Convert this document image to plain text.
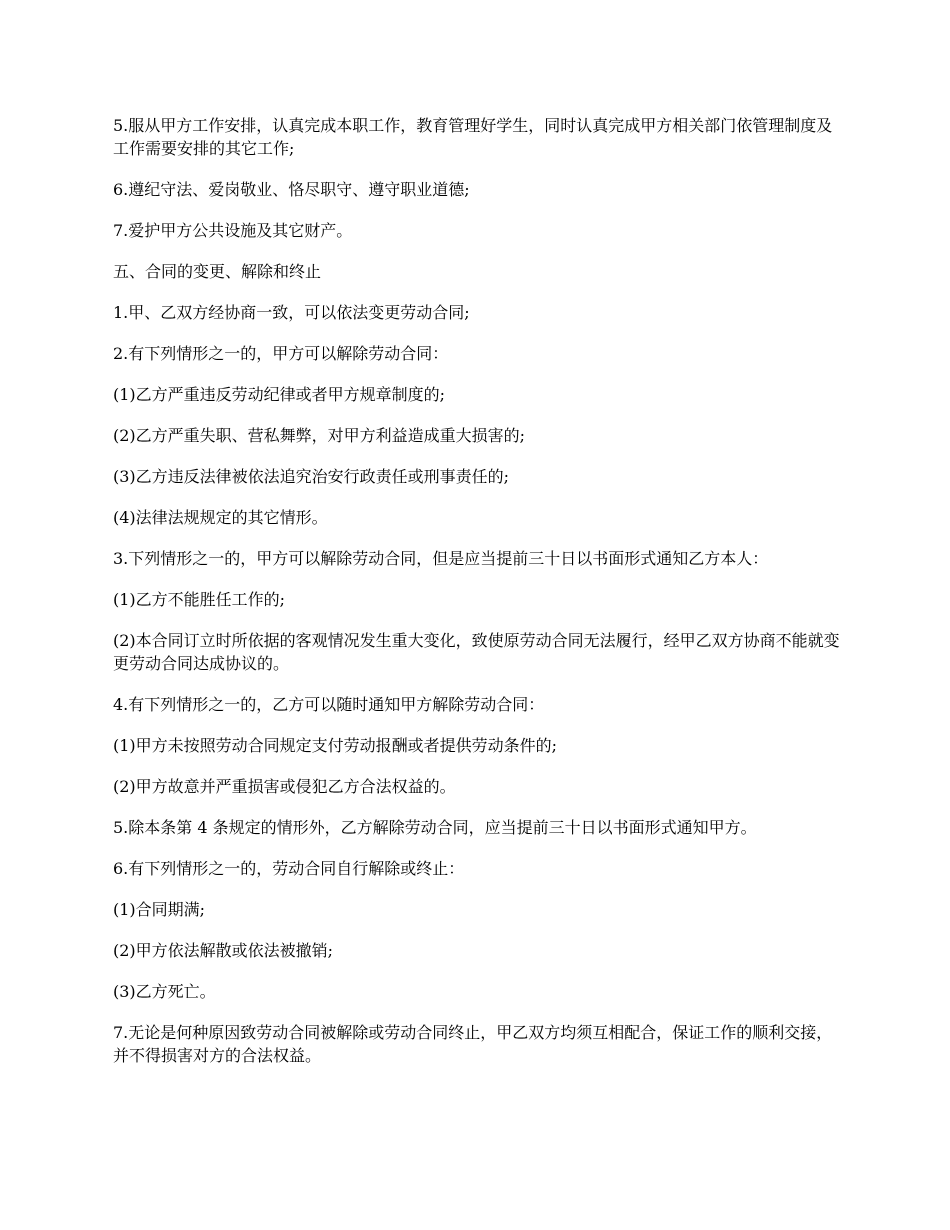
5.服从甲方工作安排，认真完成本职工作，教育管理好学生，同时认真完成甲方相关部门依管理制度及工作需要安排的其它工作;

6.遵纪守法、爱岗敬业、恪尽职守、遵守职业道德;

7.爱护甲方公共设施及其它财产。

五、合同的变更、解除和终止

1.甲、乙双方经协商一致，可以依法变更劳动合同;

2.有下列情形之一的，甲方可以解除劳动合同：

(1)乙方严重违反劳动纪律或者甲方规章制度的;

(2)乙方严重失职、营私舞弊，对甲方利益造成重大损害的;

(3)乙方违反法律被依法追究治安行政责任或刑事责任的;

(4)法律法规规定的其它情形。

3.下列情形之一的，甲方可以解除劳动合同，但是应当提前三十日以书面形式通知乙方本人：

(1)乙方不能胜任工作的;

(2)本合同订立时所依据的客观情况发生重大变化，致使原劳动合同无法履行，经甲乙双方协商不能就变更劳动合同达成协议的。

4.有下列情形之一的，乙方可以随时通知甲方解除劳动合同：

(1)甲方未按照劳动合同规定支付劳动报酬或者提供劳动条件的;

(2)甲方故意并严重损害或侵犯乙方合法权益的。

5.除本条第 4 条规定的情形外，乙方解除劳动合同，应当提前三十日以书面形式通知甲方。

6.有下列情形之一的，劳动合同自行解除或终止：

(1)合同期满;

(2)甲方依法解散或依法被撤销;

(3)乙方死亡。

7.无论是何种原因致劳动合同被解除或劳动合同终止，甲乙双方均须互相配合，保证工作的顺利交接，并不得损害对方的合法权益。
